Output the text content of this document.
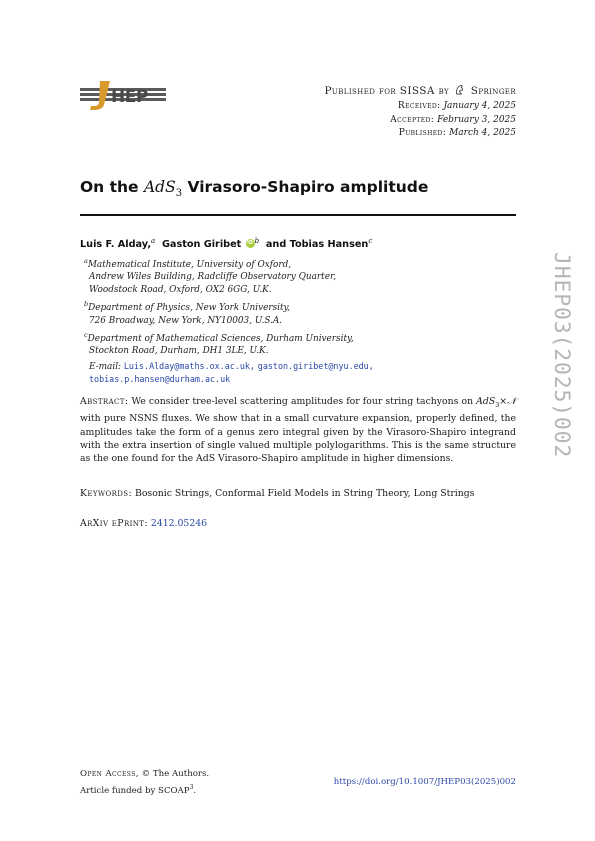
HEP	Published for SISSA by Springer
Received: January 4, 2025
Accepted: February 3, 2025
Published: March 4, 2025
On the AdS$_3$ Virasoro-Shapiro amplitude
Luis F. Alday,$^a$ Gaston Giribet iD $^b$ and Tobias Hansen$^c$
$^a$Mathematical Institute, University of Oxford,
Andrew Wiles Building, Radcliffe Observatory Quarter,
Woodstock Road, Oxford, OX2 6GG, U.K.
$^b$Department of Physics, New York University,
726 Broadway, New York, NY10003, U.S.A.
$^c$Department of Mathematical Sciences, Durham University,
Stockton Road, Durham, DH1 3LE, U.K.
E-mail: Luis.Alday@maths.ox.ac.uk, gaston.giribet@nyu.edu,
tobias.p.hansen@durham.ac.uk
Abstract: We consider tree-level scattering amplitudes for four string tachyons on AdS$_3$×𝒩 with pure NSNS fluxes. We show that in a small curvature expansion, properly defined, the amplitudes take the form of a genus zero integral given by the Virasoro-Shapiro integrand with the extra insertion of single valued multiple polylogarithms. This is the same structure as the one found for the AdS Virasoro-Shapiro amplitude in higher dimensions.
Keywords: Bosonic Strings, Conformal Field Models in String Theory, Long Strings
ArXiv ePrint: 2412.05246
JHEP03(2025)002
Open Access, © The Authors.
Article funded by SCOAP$^3$.
https://doi.org/10.1007/JHEP03(2025)002
